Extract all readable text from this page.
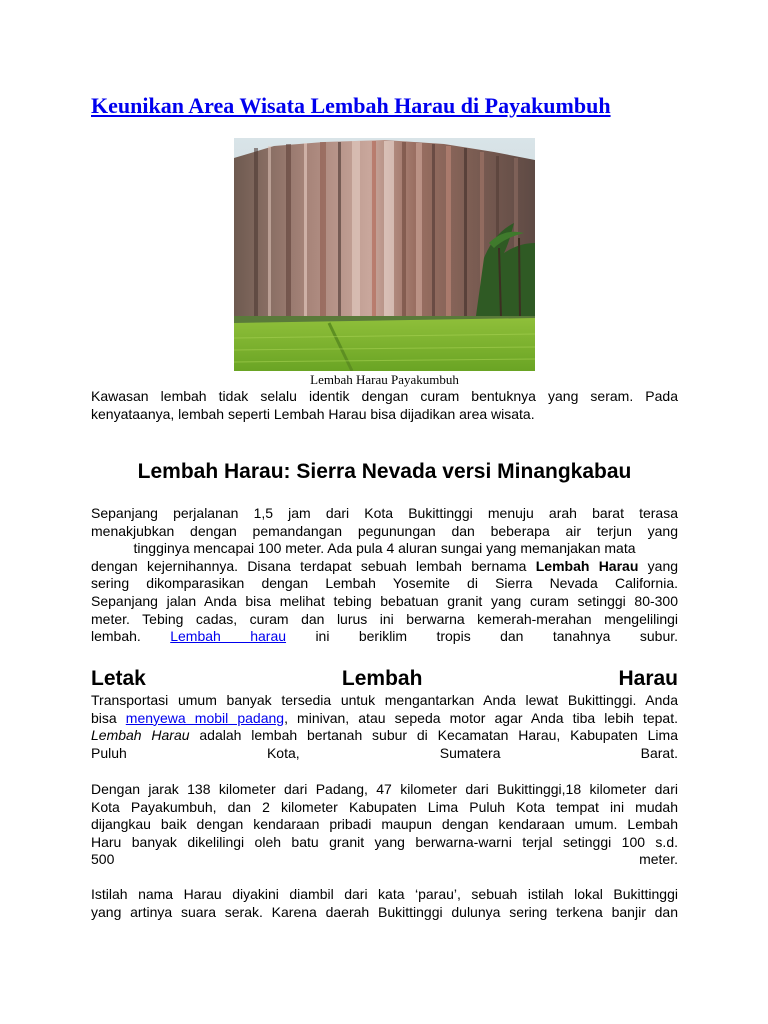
Keunikan Area Wisata Lembah Harau di Payakumbuh

Lembah Harau Payakumbuh

Kawasan lembah tidak selalu identik dengan curam bentuknya yang seram. Pada
kenyataanya, lembah seperti Lembah Harau bisa dijadikan area wisata.

Lembah Harau: Sierra Nevada versi Minangkabau

Sepanjang perjalanan 1,5 jam dari Kota Bukittinggi menuju arah barat terasa
menakjubkan dengan pemandangan pegunungan dan beberapa air terjun yang
tingginya mencapai 100 meter. Ada pula 4 aluran sungai yang memanjakan mata
dengan kejernihannya. Disana terdapat sebuah lembah bernama Lembah Harau yang
sering dikomparasikan dengan Lembah Yosemite di Sierra Nevada California.
Sepanjang jalan Anda bisa melihat tebing bebatuan granit yang curam setinggi 80-300
meter. Tebing cadas, curam dan lurus ini berwarna kemerah-merahan mengelilingi
lembah. Lembah harau ini beriklim tropis dan tanahnya subur.

Letak	Lembah	Harau

Transportasi umum banyak tersedia untuk mengantarkan Anda lewat Bukittinggi. Anda
bisa menyewa mobil padang, minivan, atau sepeda motor agar Anda tiba lebih tepat.
Lembah Harau adalah lembah bertanah subur di Kecamatan Harau, Kabupaten Lima
Puluh Kota, Sumatera Barat.

Dengan jarak 138 kilometer dari Padang, 47 kilometer dari Bukittinggi,18 kilometer dari
Kota Payakumbuh, dan 2 kilometer Kabupaten Lima Puluh Kota tempat ini mudah
dijangkau baik dengan kendaraan pribadi maupun dengan kendaraan umum. Lembah
Haru banyak dikelilingi oleh batu granit yang berwarna-warni terjal setinggi 100 s.d.
500 meter.

Istilah nama Harau diyakini diambil dari kata ‘parau’, sebuah istilah lokal Bukittinggi
yang artinya suara serak. Karena daerah Bukittinggi dulunya sering terkena banjir dan
